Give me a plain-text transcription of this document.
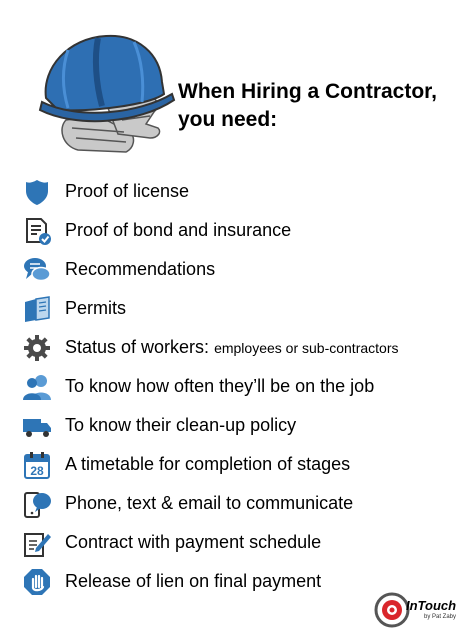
When Hiring a Contractor,
you need:
Proof of license
Proof of bond and insurance
Recommendations
Permits
Status of workers: employees or sub-contractors
To know how often they’ll be on the job
To know their clean-up policy
28 A timetable for completion of stages
Phone, text & email to communicate
Contract with payment schedule
Release of lien on final payment
InTouch
by Pat Zaby
